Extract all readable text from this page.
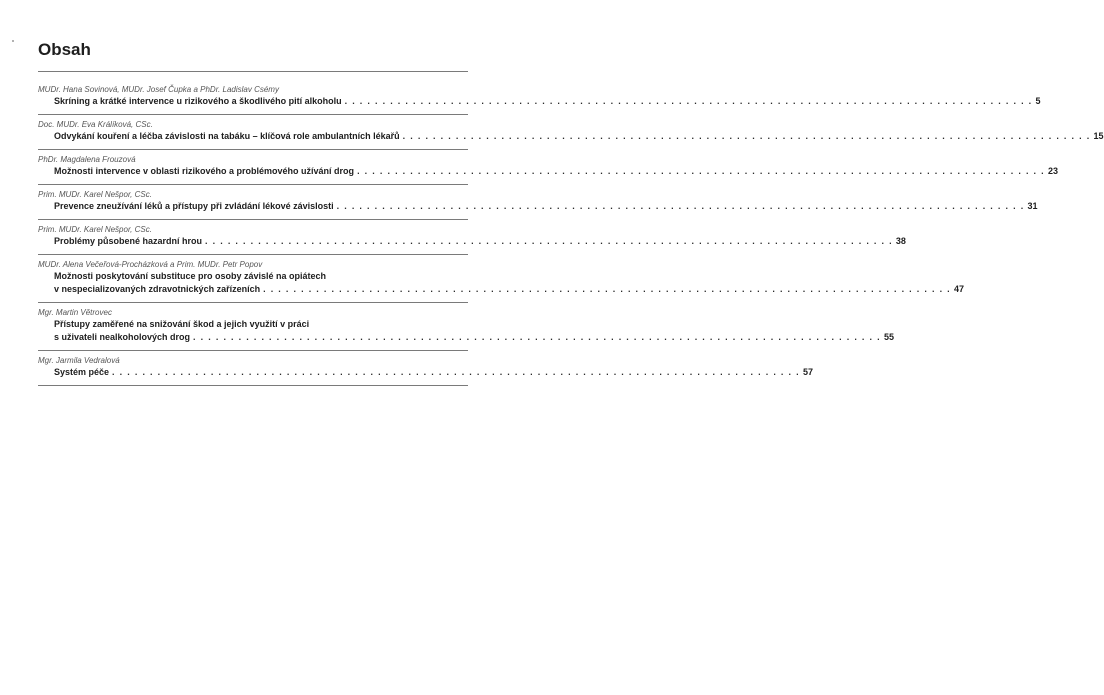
Obsah
MUDr. Hana Sovinová, MUDr. Josef Čupka a PhDr. Ladislav Csémy
Skríning a krátké intervence u rizikového a škodlivého pití alkoholu . . . . . . . . . . . . . . . . . . . . . . . . . . . . . . . . . . . . . . . . . . . . . . . . . . . . . . . . . . . . . . . . . . . . . . . . . . . . . . . . . . . . . . . . . . . 5
Doc. MUDr. Eva Králíková, CSc.
Odvykání kouření a léčba závislosti na tabáku – klíčová role ambulantních lékařů . . . . . . . . . . . . . . . . . . . . . . . . . . . . . . . . . . . . . . . . . . . . . . . . . . . . . . . . . . . . . . . . . . . . . . . . . . . . . . . . . . . . . . . . . . . 15
PhDr. Magdalena Frouzová
Možnosti intervence v oblasti rizikového a problémového užívání drog . . . . . . . . . . . . . . . . . . . . . . . . . . . . . . . . . . . . . . . . . . . . . . . . . . . . . . . . . . . . . . . . . . . . . . . . . . . . . . . . . . . . . . . . . . . 23
Prim. MUDr. Karel Nešpor, CSc.
Prevence zneužívání léků a přístupy při zvládání lékové závislosti . . . . . . . . . . . . . . . . . . . . . . . . . . . . . . . . . . . . . . . . . . . . . . . . . . . . . . . . . . . . . . . . . . . . . . . . . . . . . . . . . . . . . . . . . . . 31
Prim. MUDr. Karel Nešpor, CSc.
Problémy působené hazardní hrou . . . . . . . . . . . . . . . . . . . . . . . . . . . . . . . . . . . . . . . . . . . . . . . . . . . . . . . . . . . . . . . . . . . . . . . . . . . . . . . . . . . . . . . . . . . 38
MUDr. Alena Večeřová-Procházková a Prim. MUDr. Petr Popov
Možnosti poskytování substituce pro osoby závislé na opiátech
v nespecializovaných zdravotnických zařízeních . . . . . . . . . . . . . . . . . . . . . . . . . . . . . . . . . . . . . . . . . . . . . . . . . . . . . . . . . . . . . . . . . . . . . . . . . . . . . . . . . . . . . . . . . . . 47
Mgr. Martin Větrovec
Přístupy zaměřené na snižování škod a jejich využití v práci
s uživateli nealkoholových drog . . . . . . . . . . . . . . . . . . . . . . . . . . . . . . . . . . . . . . . . . . . . . . . . . . . . . . . . . . . . . . . . . . . . . . . . . . . . . . . . . . . . . . . . . . . 55
Mgr. Jarmila Vedralová
Systém péče . . . . . . . . . . . . . . . . . . . . . . . . . . . . . . . . . . . . . . . . . . . . . . . . . . . . . . . . . . . . . . . . . . . . . . . . . . . . . . . . . . . . . . . . . . . 57
